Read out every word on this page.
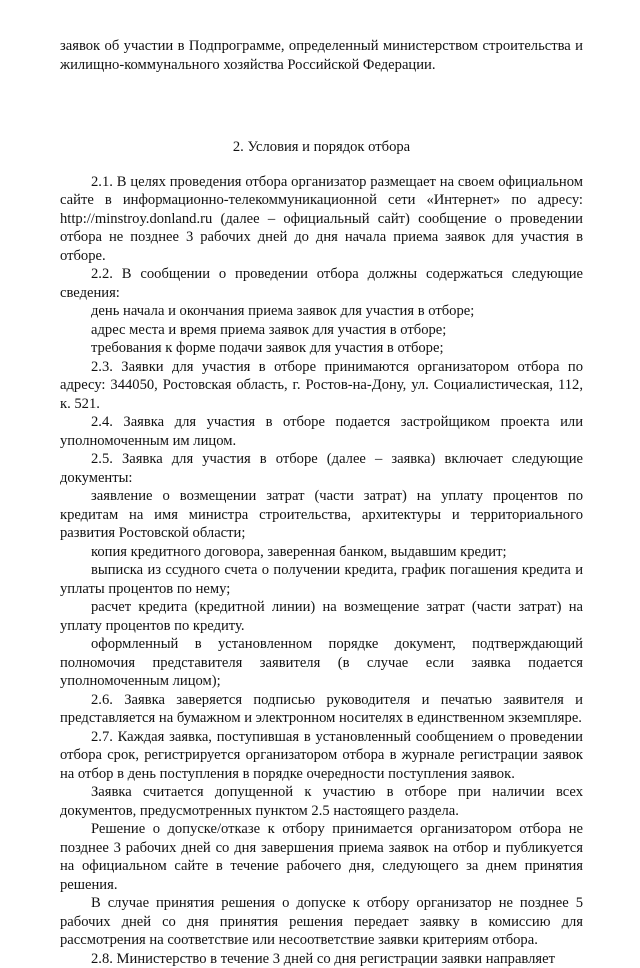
заявок об участии в Подпрограмме, определенный министерством строительства и жилищно-коммунального хозяйства Российской Федерации.

2. Условия и порядок отбора

2.1. В целях проведения отбора организатор размещает на своем официальном сайте в информационно-телекоммуникационной сети «Интернет» по адресу: http://minstroy.donland.ru (далее – официальный сайт) сообщение о проведении отбора не позднее 3 рабочих дней до дня начала приема заявок для участия в отборе.

2.2. В сообщении о проведении отбора должны содержаться следующие сведения:

день начала и окончания приема заявок для участия в отборе;

адрес места и время приема заявок для участия в отборе;

требования к форме подачи заявок для участия в отборе;

2.3. Заявки для участия в отборе принимаются организатором отбора по адресу: 344050, Ростовская область, г. Ростов-на-Дону, ул. Социалистическая, 112, к. 521.

2.4. Заявка для участия в отборе подается застройщиком проекта или уполномоченным им лицом.

2.5. Заявка для участия в отборе (далее – заявка) включает следующие документы:

заявление о возмещении затрат (части затрат) на уплату процентов по кредитам на имя министра строительства, архитектуры и территориального развития Ростовской области;

копия кредитного договора, заверенная банком, выдавшим кредит;

выписка из ссудного счета о получении кредита, график погашения кредита и уплаты процентов по нему;

расчет кредита (кредитной линии) на возмещение затрат (части затрат) на уплату процентов по кредиту.

оформленный в установленном порядке документ, подтверждающий полномочия представителя заявителя (в случае если заявка подается уполномоченным лицом);

2.6. Заявка заверяется подписью руководителя и печатью заявителя и представляется на бумажном и электронном носителях в единственном экземпляре.

2.7. Каждая заявка, поступившая в установленный сообщением о проведении отбора срок, регистрируется организатором отбора в журнале регистрации заявок на отбор в день поступления в порядке очередности поступления заявок.

Заявка считается допущенной к участию в отборе при наличии всех документов, предусмотренных пунктом 2.5 настоящего раздела.

Решение о допуске/отказе к отбору принимается организатором отбора не позднее 3 рабочих дней со дня завершения приема заявок на отбор и публикуется на официальном сайте в течение рабочего дня, следующего за днем принятия решения.

В случае принятия решения о допуске к отбору организатор не позднее 5 рабочих дней со дня принятия решения передает заявку в комиссию для рассмотрения на соответствие или несоответствие заявки критериям отбора.

2.8. Министерство в течение 3 дней со дня регистрации заявки направляет
